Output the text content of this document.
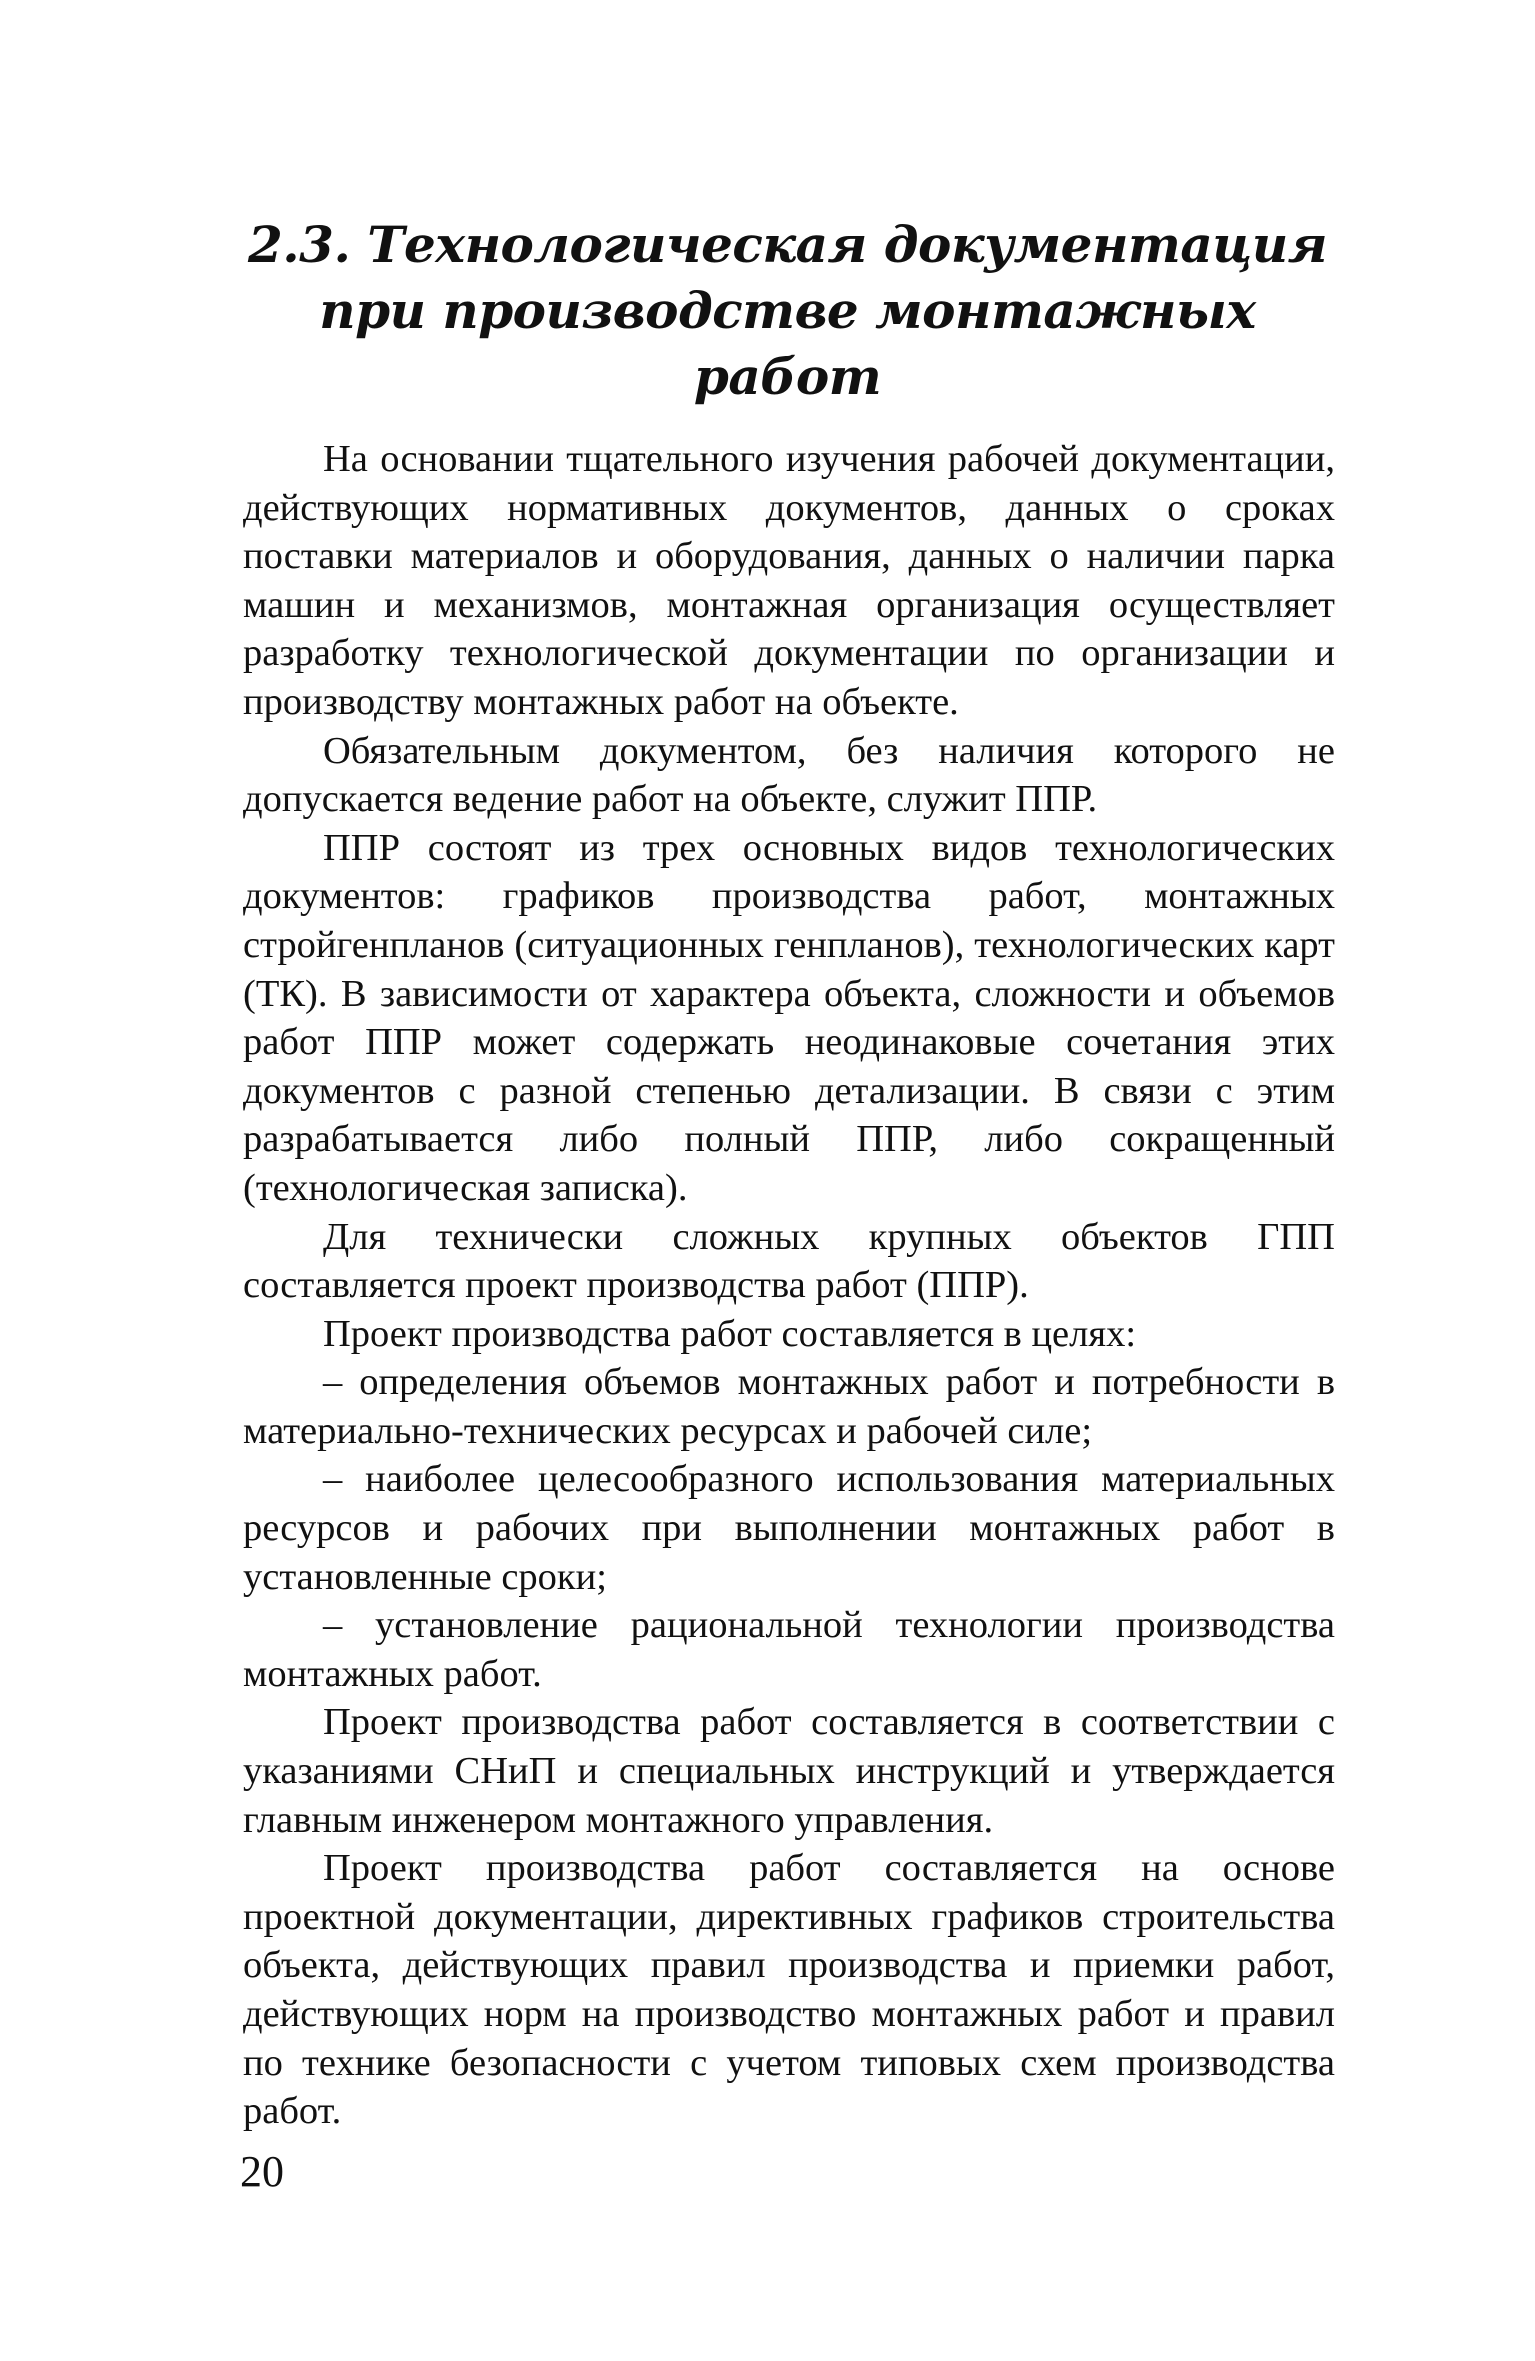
2.3. Технологическая документация
при производстве монтажных работ

На основании тщательного изучения рабочей документации, действующих нормативных документов, данных о сроках поставки материалов и оборудования, данных о наличии парка машин и механизмов, монтажная организация осуществляет разработку технологической документации по организации и производству монтажных работ на объекте.

Обязательным документом, без наличия которого не допускается ведение работ на объекте, служит ППР.

ППР состоят из трех основных видов технологических документов: графиков производства работ, монтажных стройгенпланов (ситуационных генпланов), технологических карт (ТК). В зависимости от характера объекта, сложности и объемов работ ППР может содержать неодинаковые сочетания этих документов с разной степенью детализации. В связи с этим разрабатывается либо полный ППР, либо сокращенный (технологическая записка).

Для технически сложных крупных объектов ГПП составляется проект производства работ (ППР).

Проект производства работ составляется в целях:

– определения объемов монтажных работ и потребности в материально-технических ресурсах и рабочей силе;

– наиболее целесообразного использования материальных ресурсов и рабочих при выполнении монтажных работ в установленные сроки;

– установление рациональной технологии производства монтажных работ.

Проект производства работ составляется в соответствии с указаниями СНиП и специальных инструкций и утверждается главным инженером монтажного управления.

Проект производства работ составляется на основе проектной документации, директивных графиков строительства объекта, действующих правил производства и приемки работ, действующих норм на производство монтажных работ и правил по технике безопасности с учетом типовых схем производства работ.

20
